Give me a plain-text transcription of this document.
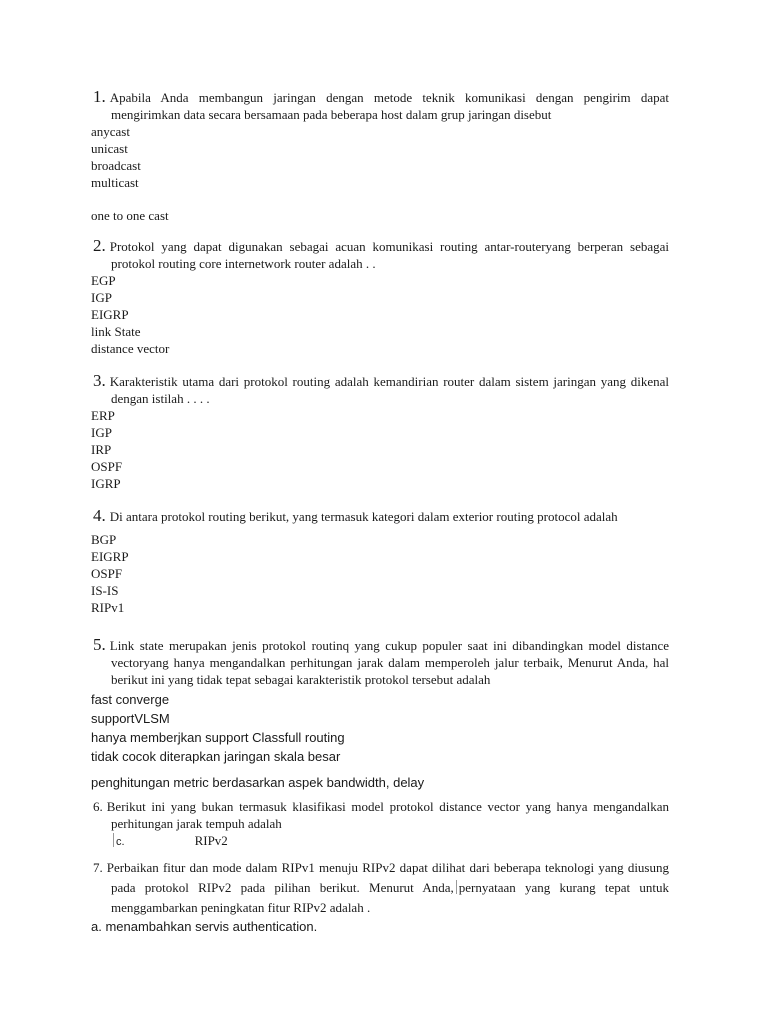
1. Apabila Anda membangun jaringan dengan metode teknik komunikasi dengan pengirim dapat mengirimkan data secara bersamaan pada beberapa host dalam grup jaringan disebut

anycast
unicast
broadcast
multicast
one to one cast

2. Protokol yang dapat digunakan sebagai acuan komunikasi routing antar-routeryang berperan sebagai protokol routing core internetwork router adalah . .

EGP
IGP
EIGRP
link State
distance vector

3. Karakteristik utama dari protokol routing adalah kemandirian router dalam sistem jaringan yang dikenal dengan istilah . . . .

ERP
IGP
IRP
OSPF
IGRP

4. Di antara protokol routing berikut, yang termasuk kategori dalam exterior routing protocol adalah

BGP
EIGRP
OSPF
IS-IS
RIPv1

5. Link state merupakan jenis protokol routinq yang cukup populer saat ini dibandingkan model distance vectoryang hanya mengandalkan perhitungan jarak dalam memperoleh jalur terbaik, Menurut Anda, hal berikut ini yang tidak tepat sebagai karakteristik protokol tersebut adalah

fast converge
supportVLSM
hanya memberjkan support Classfull routing
tidak cocok diterapkan jaringan skala besar
penghitungan metric berdasarkan aspek bandwidth, delay

6. Berikut ini yang bukan termasuk klasifikasi model protokol distance vector yang hanya mengandalkan perhitungan jarak tempuh adalah

c.	RIPv2

7. Perbaikan fitur dan mode dalam RIPv1 menuju RIPv2 dapat dilihat dari beberapa teknologi yang diusung pada protokol RIPv2 pada pilihan berikut. Menurut Anda, pernyataan yang kurang tepat untuk menggambarkan peningkatan fitur RIPv2 adalah .

a. menambahkan servis authentication.
